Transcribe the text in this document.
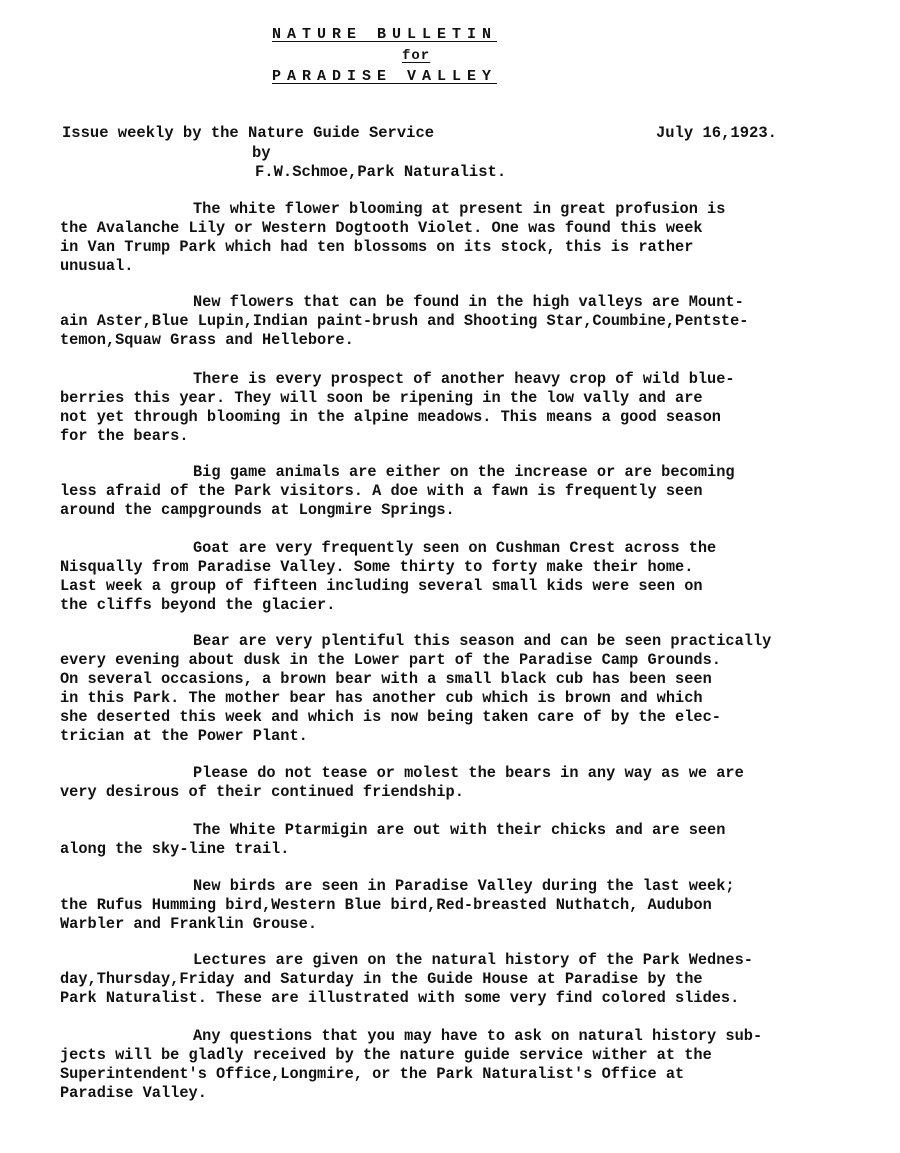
NATURE BULLETIN
for
PARADISE VALLEY
Issue weekly by the Nature Guide Service	July 16,1923.
by
F.W.Schmoe,Park Naturalist.
The white flower blooming at present in great profusion is
the Avalanche Lily or Western Dogtooth Violet. One was found this week
in Van Trump Park which had ten blossoms on its stock, this is rather
unusual.
New flowers that can be found in the high valleys are Mount-
ain Aster,Blue Lupin,Indian paint-brush and Shooting Star,Coumbine,Pentste-
temon,Squaw Grass and Hellebore.
There is every prospect of another heavy crop of wild blue-
berries this year. They will soon be ripening in the low vally and are
not yet through blooming in the alpine meadows. This means a good season
for the bears.
Big game animals are either on the increase or are becoming
less afraid of the Park visitors. A doe with a fawn is frequently seen
around the campgrounds at Longmire Springs.
Goat are very frequently seen on Cushman Crest across the
Nisqually from Paradise Valley. Some thirty to forty make their home.
Last week a group of fifteen including several small kids were seen on
the cliffs beyond the glacier.
Bear are very plentiful this season and can be seen practically
every evening about dusk in the Lower part of the Paradise Camp Grounds.
On several occasions, a brown bear with a small black cub has been seen
in this Park. The mother bear has another cub which is brown and which
she deserted this week and which is now being taken care of by the elec-
trician at the Power Plant.
Please do not tease or molest the bears in any way as we are
very desirous of their continued friendship.
The White Ptarmigin are out with their chicks and are seen
along the sky-line trail.
New birds are seen in Paradise Valley during the last week;
the Rufus Humming bird,Western Blue bird,Red-breasted Nuthatch, Audubon
Warbler and Franklin Grouse.
Lectures are given on the natural history of the Park Wednes-
day,Thursday,Friday and Saturday in the Guide House at Paradise by the
Park Naturalist. These are illustrated with some very find colored slides.
Any questions that you may have to ask on natural history sub-
jects will be gladly received by the nature guide service wither at the
Superintendent's Office,Longmire, or the Park Naturalist's Office at
Paradise Valley.
